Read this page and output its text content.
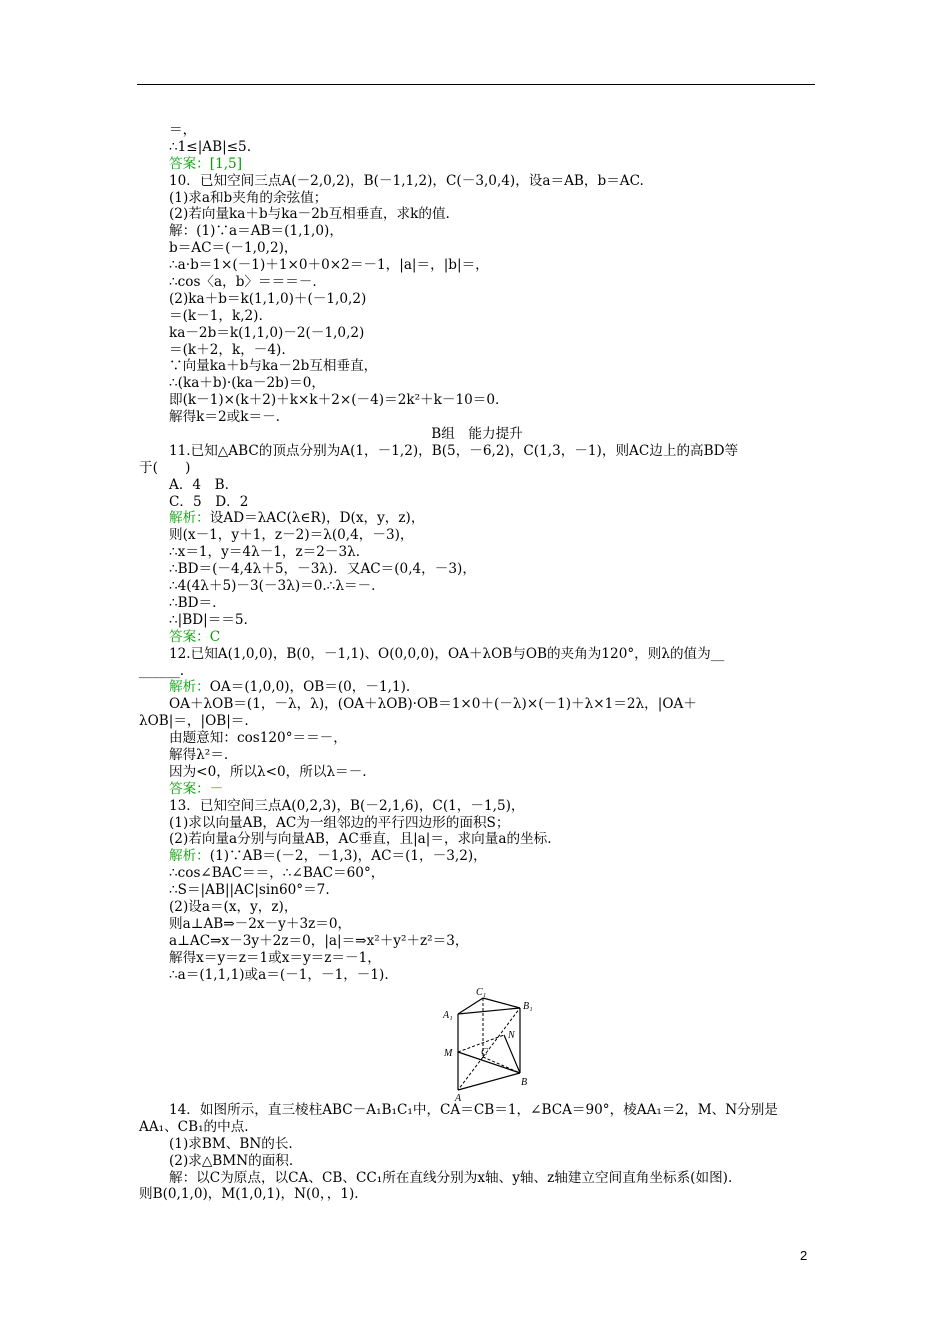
＝，
∴1≤|AB|≤5.
答案：[1,5]
10．已知空间三点A(－2,0,2)，B(－1,1,2)，C(－3,0,4)，设a＝AB，b＝AC.
(1)求a和b夹角的余弦值；
(2)若向量ka＋b与ka－2b互相垂直，求k的值.
解：(1)∵a＝AB＝(1,1,0)，
b＝AC＝(－1,0,2)，
∴a·b＝1×(－1)＋1×0＋0×2＝－1，|a|＝，|b|＝，
∴cos〈a，b〉＝＝＝－.
(2)ka＋b＝k(1,1,0)＋(－1,0,2)
＝(k－1，k,2).
ka－2b＝k(1,1,0)－2(－1,0,2)
＝(k＋2，k，－4).
∵向量ka＋b与ka－2b互相垂直，
∴(ka＋b)·(ka－2b)＝0，
即(k－1)×(k＋2)＋k×k＋2×(－4)＝2k²＋k－10＝0.
解得k＝2或k＝－.
B组　能力提升
11.已知△ABC的顶点分别为A(1，－1,2)，B(5，－6,2)，C(1,3，－1)，则AC边上的高BD等
于(　　)
A．4　B.
C．5　D．2
解析：设AD＝λAC(λ∈R)，D(x，y，z)，
则(x－1，y＋1，z－2)＝λ(0,4，－3)，
∴x＝1，y＝4λ－1，z＝2－3λ.
∴BD＝(－4,4λ＋5，－3λ)．又AC＝(0,4，－3)，
∴4(4λ＋5)－3(－3λ)＝0.∴λ＝－.
∴BD＝.
∴|BD|＝＝5.
答案：C
12.已知A(1,0,0)，B(0，－1,1)、O(0,0,0)，OA＋λOB与OB的夹角为120°，则λ的值为__
______.
解析：OA＝(1,0,0)，OB＝(0，－1,1).
OA＋λOB＝(1，－λ，λ)，(OA＋λOB)·OB＝1×0＋(－λ)×(－1)＋λ×1＝2λ，|OA＋
λOB|＝，|OB|＝.
由题意知：cos120°＝＝－，
解得λ²＝.
因为<0，所以λ<0，所以λ＝－.
答案：－
13．已知空间三点A(0,2,3)，B(－2,1,6)，C(1，－1,5)，
(1)求以向量AB，AC为一组邻边的平行四边形的面积S；
(2)若向量a分别与向量AB，AC垂直，且|a|＝，求向量a的坐标.
解析：(1)∵AB＝(－2，－1,3)，AC＝(1，－3,2)，
∴cos∠BAC＝＝，∴∠BAC＝60°，
∴S＝|AB||AC|sin60°＝7.
(2)设a＝(x，y，z)，
则a⊥AB⇒－2x－y＋3z＝0，
a⊥AC⇒x－3y＋2z＝0，|a|＝⇒x²＋y²＋z²＝3，
解得x＝y＝z＝1或x＝y＝z＝－1，
∴a＝(1,1,1)或a＝(－1，－1，－1).
C₁
B₁
A₁
N
M	C
B
A
14．如图所示，直三棱柱ABC－A₁B₁C₁中，CA＝CB＝1，∠BCA＝90°，棱AA₁＝2，M、N分别是
AA₁、CB₁的中点.
(1)求BM、BN的长.
(2)求△BMN的面积.
解：以C为原点，以CA、CB、CC₁所在直线分别为x轴、y轴、z轴建立空间直角坐标系(如图).
则B(0,1,0)，M(1,0,1)，N(0，，1).
2
